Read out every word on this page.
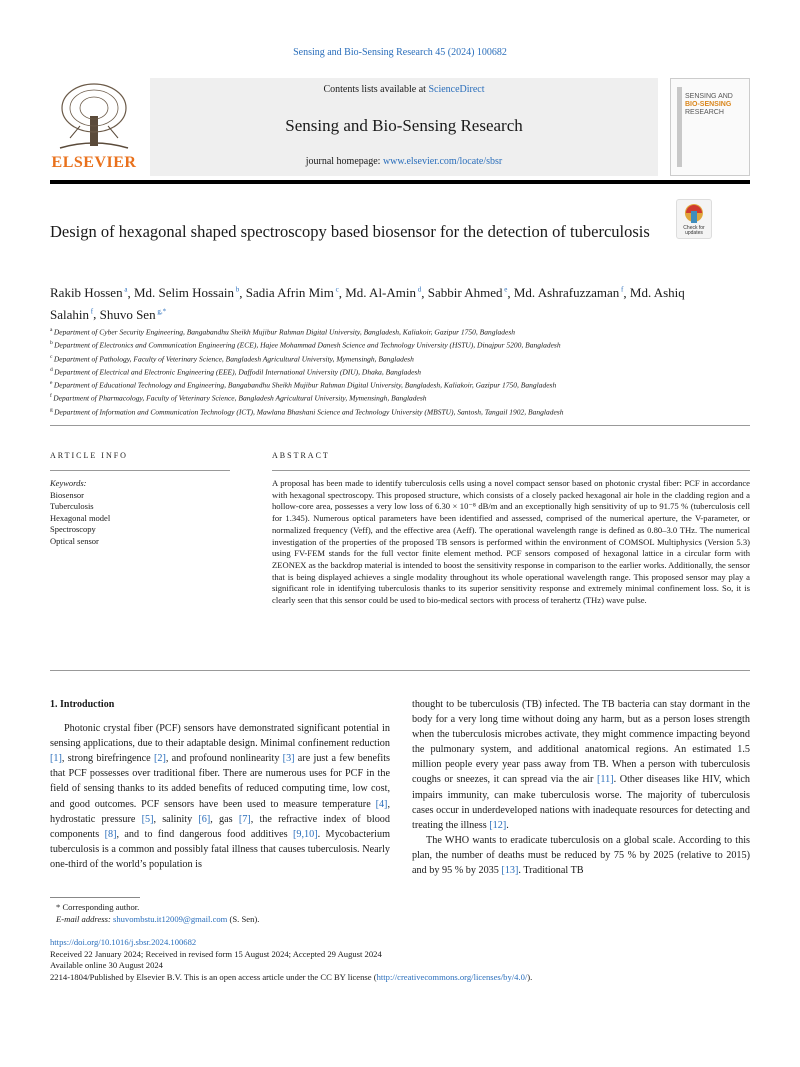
Sensing and Bio-Sensing Research 45 (2024) 100682
ELSEVIER
Contents lists available at ScienceDirect
Sensing and Bio-Sensing Research
journal homepage: www.elsevier.com/locate/sbsr
SENSING AND
BIO-SENSING
RESEARCH
Design of hexagonal shaped spectroscopy based biosensor for the detection of tuberculosis	Check for updates
Rakib Hossen $^a$, Md. Selim Hossain $^b$, Sadia Afrin Mim $^c$, Md. Al-Amin $^d$, Sabbir Ahmed $^e$, Md. Ashrafuzzaman $^f$, Md. Ashiq Salahin $^f$, Shuvo Sen $^{g,*}$
$^a$ Department of Cyber Security Engineering, Bangabandhu Sheikh Mujibur Rahman Digital University, Bangladesh, Kaliakoir, Gazipur 1750, Bangladesh
$^b$ Department of Electronics and Communication Engineering (ECE), Hajee Mohammad Danesh Science and Technology University (HSTU), Dinajpur 5200, Bangladesh
$^c$ Department of Pathology, Faculty of Veterinary Science, Bangladesh Agricultural University, Mymensingh, Bangladesh
$^d$ Department of Electrical and Electronic Engineering (EEE), Daffodil International University (DIU), Dhaka, Bangladesh
$^e$ Department of Educational Technology and Engineering, Bangabandhu Sheikh Mujibur Rahman Digital University, Bangladesh, Kaliakoir, Gazipur 1750, Bangladesh
$^f$ Department of Pharmacology, Faculty of Veterinary Science, Bangladesh Agricultural University, Mymensingh, Bangladesh
$^g$ Department of Information and Communication Technology (ICT), Mawlana Bhashani Science and Technology University (MBSTU), Santosh, Tangail 1902, Bangladesh
ARTICLE INFO	ABSTRACT
Keywords:
Biosensor
Tuberculosis
Hexagonal model
Spectroscopy
Optical sensor
A proposal has been made to identify tuberculosis cells using a novel compact sensor based on photonic crystal fiber: PCF in accordance with hexagonal spectroscopy. This proposed structure, which consists of a closely packed hexagonal air hole in the cladding region and a hollow-core area, possesses a very low loss of 6.30 × 10⁻⁸ dB/m and an exceptionally high sensitivity of up to 91.75 % (tuberculosis cell for 1.345). Numerous optical parameters have been identified and assessed, comprised of the numerical aperture, the V-parameter, or normalized frequency (Veff), and the effective area (Aeff). The operational wavelength range is defined as 0.80–3.0 THz. The numerical investigation of the properties of the proposed TB sensors is performed within the environment of COMSOL Multiphysics (Version 5.3) using FV-FEM stands for the full vector finite element method. PCF sensors composed of hexagonal lattice in a circular form with ZEONEX as the backdrop material is intended to boost the sensitivity response in comparison to the earlier works. Additionally, the sensor that is being displayed achieves a single modality throughout its whole operational wavelength range. This proposed sensor may play a significant role in identifying tuberculosis thanks to its superior sensitivity response and extremely minimal confinement loss. So, it is clearly seen that this sensor could be used to bio-medical sectors with process of terahertz (THz) wave pulse.
1. Introduction
Photonic crystal fiber (PCF) sensors have demonstrated significant potential in sensing applications, due to their adaptable design. Minimal confinement reduction [1], strong birefringence [2], and profound nonlinearity [3] are just a few benefits that PCF possesses over traditional fiber. There are numerous uses for PCF in the field of sensing thanks to its added benefits of reduced computing time, low cost, and good outcomes. PCF sensors have been used to measure temperature [4], hydrostatic pressure [5], salinity [6], gas [7], the refractive index of blood components [8], and to find dangerous food additives [9,10]. Mycobacterium tuberculosis is a common and possibly fatal illness that causes tuberculosis. Nearly one-third of the world’s population is
thought to be tuberculosis (TB) infected. The TB bacteria can stay dormant in the body for a very long time without doing any harm, but as a person loses strength when the tuberculosis microbes activate, they might commence impacting beyond the pulmonary system, and additional anatomical regions. An estimated 1.5 million people every year pass away from TB. When a person with tuberculosis coughs or sneezes, it can spread via the air [11]. Other diseases like HIV, which impairs immunity, can make tuberculosis worse. The majority of tuberculosis cases occur in underdeveloped nations with inadequate resources for detecting and treating the illness [12].
The WHO wants to eradicate tuberculosis on a global scale. According to this plan, the number of deaths must be reduced by 75 % by 2025 (relative to 2015) and by 95 % by 2035 [13]. Traditional TB
* Corresponding author.
E-mail address: shuvombstu.it12009@gmail.com (S. Sen).
https://doi.org/10.1016/j.sbsr.2024.100682
Received 22 January 2024; Received in revised form 15 August 2024; Accepted 29 August 2024
Available online 30 August 2024
2214-1804/Published by Elsevier B.V. This is an open access article under the CC BY license (http://creativecommons.org/licenses/by/4.0/).
